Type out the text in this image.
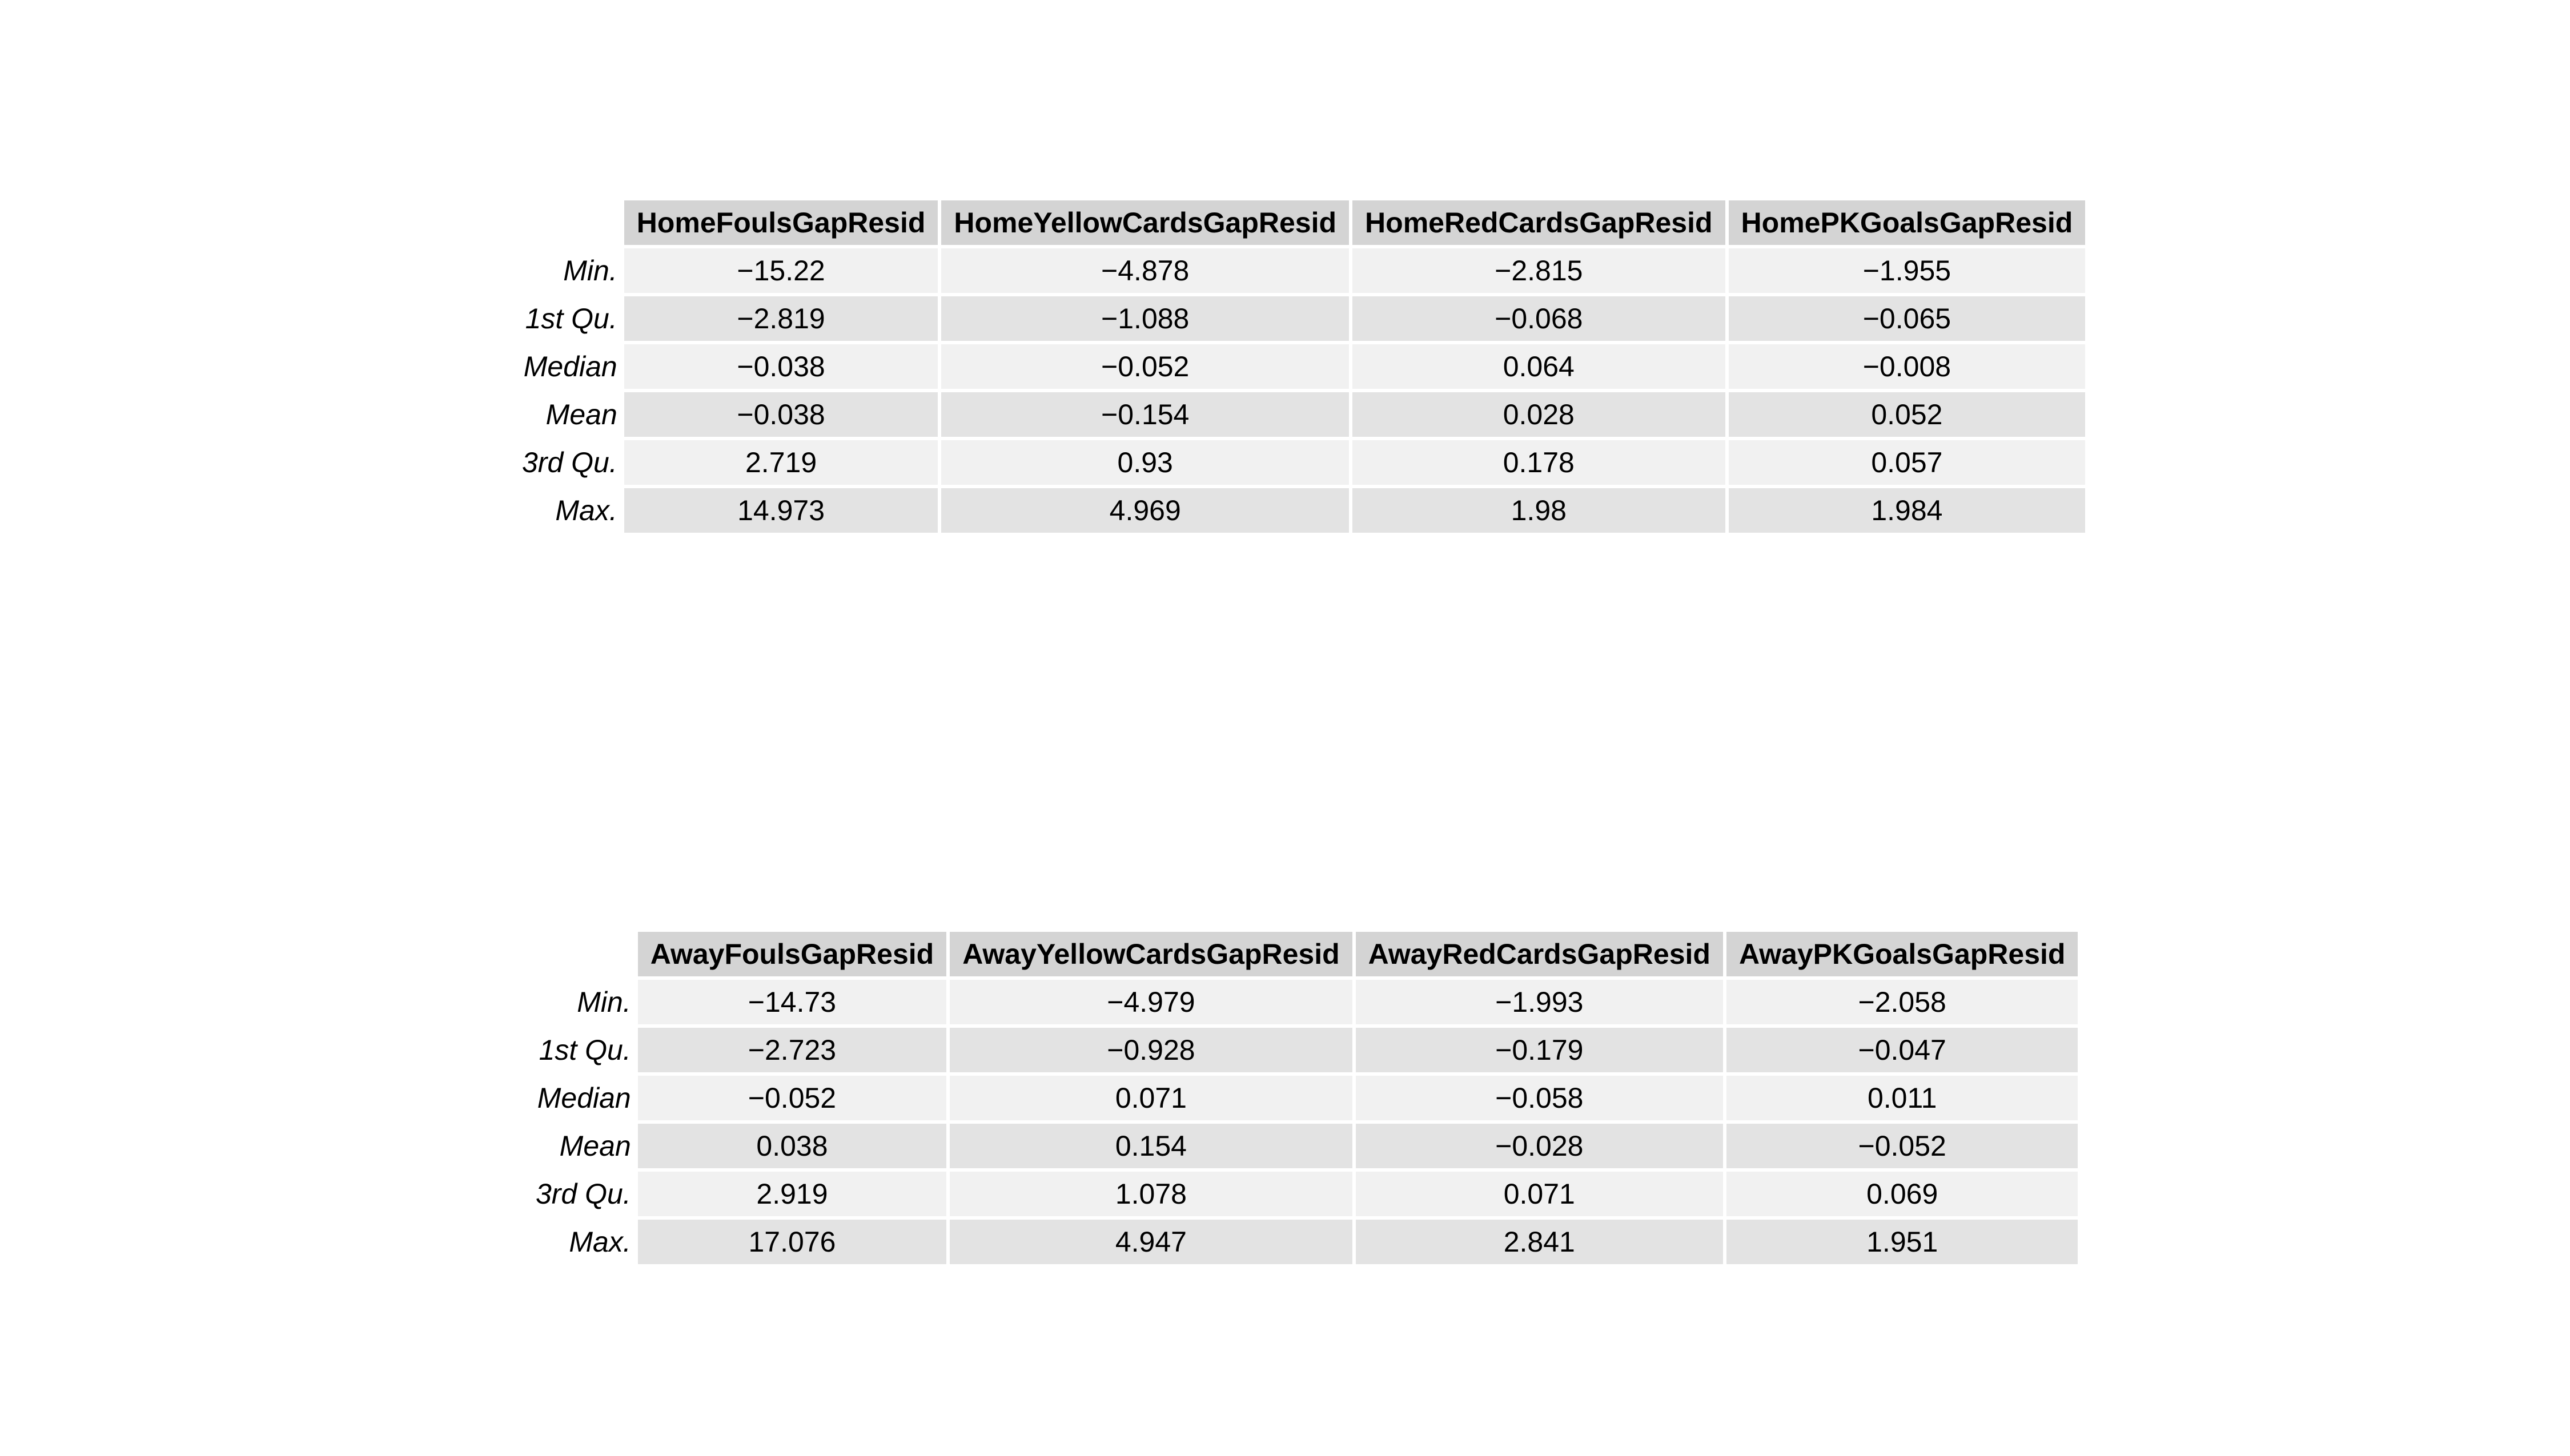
	HomeFoulsGapResid	HomeYellowCardsGapResid	HomeRedCardsGapResid	HomePKGoalsGapResid
Min.	−15.22	−4.878	−2.815	−1.955
1st Qu.	−2.819	−1.088	−0.068	−0.065
Median	−0.038	−0.052	0.064	−0.008
Mean	−0.038	−0.154	0.028	0.052
3rd Qu.	2.719	0.93	0.178	0.057
Max.	14.973	4.969	1.98	1.984
	AwayFoulsGapResid	AwayYellowCardsGapResid	AwayRedCardsGapResid	AwayPKGoalsGapResid
Min.	−14.73	−4.979	−1.993	−2.058
1st Qu.	−2.723	−0.928	−0.179	−0.047
Median	−0.052	0.071	−0.058	0.011
Mean	0.038	0.154	−0.028	−0.052
3rd Qu.	2.919	1.078	0.071	0.069
Max.	17.076	4.947	2.841	1.951
